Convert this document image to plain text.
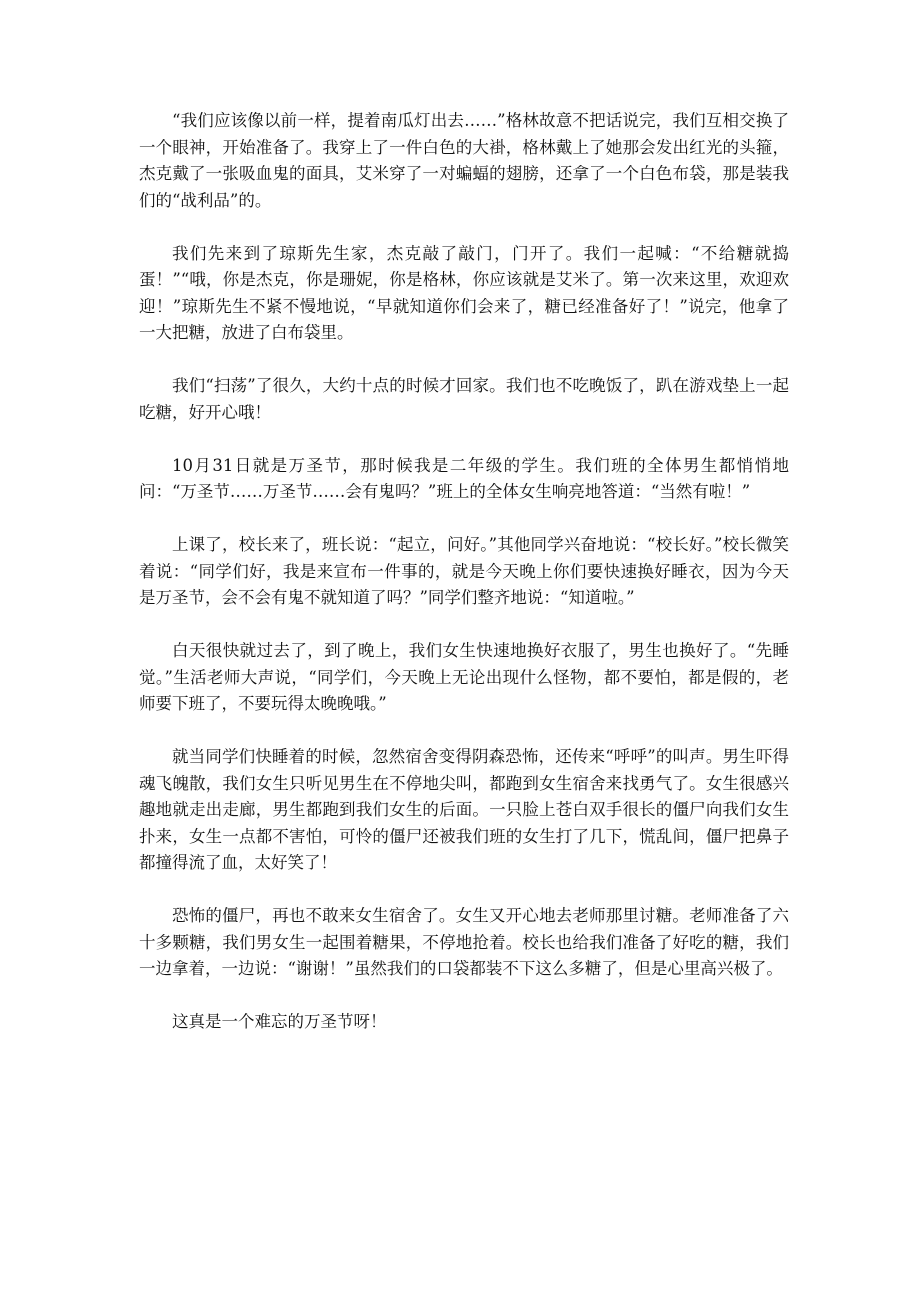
“我们应该像以前一样，提着南瓜灯出去……”格林故意不把话说完，我们互相交换了一个眼神，开始准备了。我穿上了一件白色的大褂，格林戴上了她那会发出红光的头箍，杰克戴了一张吸血鬼的面具，艾米穿了一对蝙蝠的翅膀，还拿了一个白色布袋，那是装我们的“战利品”的。

我们先来到了琼斯先生家，杰克敲了敲门，门开了。我们一起喊：“不给糖就捣蛋！”“哦，你是杰克，你是珊妮，你是格林，你应该就是艾米了。第一次来这里，欢迎欢迎！”琼斯先生不紧不慢地说，“早就知道你们会来了，糖已经准备好了！”说完，他拿了一大把糖，放进了白布袋里。

我们“扫荡”了很久，大约十点的时候才回家。我们也不吃晚饭了，趴在游戏垫上一起吃糖，好开心哦！

10月31日就是万圣节，那时候我是二年级的学生。我们班的全体男生都悄悄地问：“万圣节……万圣节……会有鬼吗？”班上的全体女生响亮地答道：“当然有啦！”

上课了，校长来了，班长说：“起立，问好。”其他同学兴奋地说：“校长好。”校长微笑着说：“同学们好，我是来宣布一件事的，就是今天晚上你们要快速换好睡衣，因为今天是万圣节，会不会有鬼不就知道了吗？”同学们整齐地说：“知道啦。”

白天很快就过去了，到了晚上，我们女生快速地换好衣服了，男生也换好了。“先睡觉。”生活老师大声说，“同学们，今天晚上无论出现什么怪物，都不要怕，都是假的，老师要下班了，不要玩得太晚晚哦。”

就当同学们快睡着的时候，忽然宿舍变得阴森恐怖，还传来“呼呼”的叫声。男生吓得魂飞魄散，我们女生只听见男生在不停地尖叫，都跑到女生宿舍来找勇气了。女生很感兴趣地就走出走廊，男生都跑到我们女生的后面。一只脸上苍白双手很长的僵尸向我们女生扑来，女生一点都不害怕，可怜的僵尸还被我们班的女生打了几下，慌乱间，僵尸把鼻子都撞得流了血，太好笑了！

恐怖的僵尸，再也不敢来女生宿舍了。女生又开心地去老师那里讨糖。老师准备了六十多颗糖，我们男女生一起围着糖果，不停地抢着。校长也给我们准备了好吃的糖，我们一边拿着，一边说：“谢谢！”虽然我们的口袋都装不下这么多糖了，但是心里高兴极了。

这真是一个难忘的万圣节呀！
